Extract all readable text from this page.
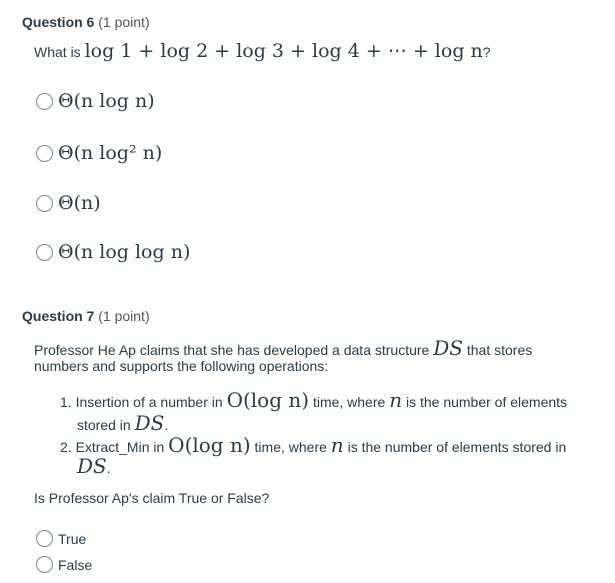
Question 6 (1 point)
What is log 1 + log 2 + log 3 + log 4 + ⋯ + log n?
Θ(n log n)
Θ(n log² n)
Θ(n)
Θ(n log log n)
Question 7 (1 point)
Professor He Ap claims that she has developed a data structure DS that stores
numbers and supports the following operations:
1. Insertion of a number in O(log n) time, where n is the number of elements
stored in DS.
2. Extract_Min in O(log n) time, where n is the number of elements stored in
DS.
Is Professor Ap's claim True or False?
True
False
